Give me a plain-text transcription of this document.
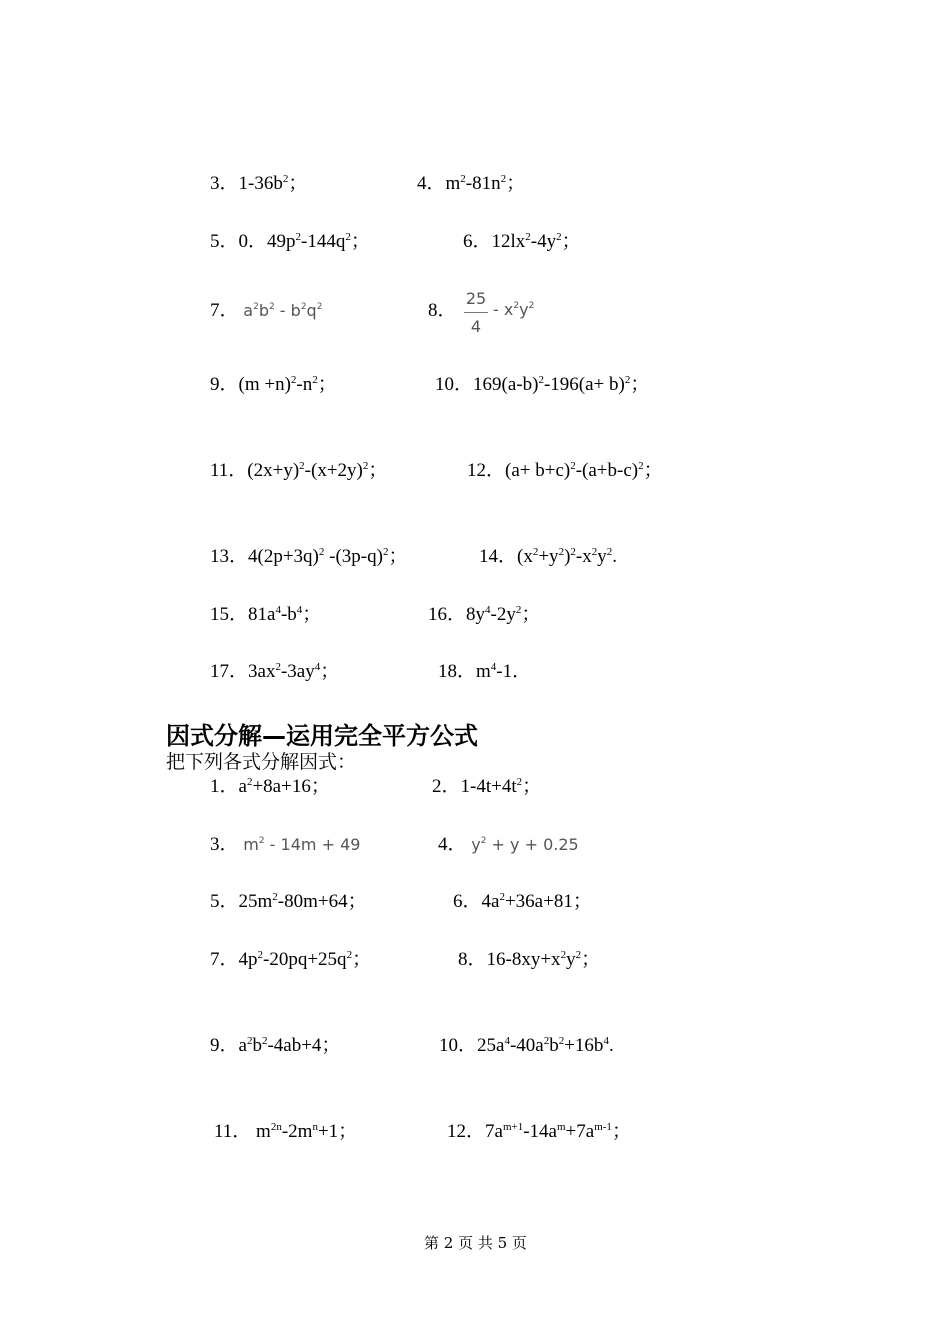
3．$1-36b^2$；	4．$m^2-81n^2$；
5．0．$49p^2-144q^2$；	6．$12lx^2-4y^2$；
7． $a^2b^2 - b^2q^2$	8． $\frac{25}{4} - x^2y^2$
9．$(m +n)^2-n^2$；	10．$169(a-b)^2-196(a+ b)^2$；
11．$(2x+y)^2-(x+2y)^2$；	12．$(a+ b+c)^2-(a+b-c)^2$；
13．$4(2p+3q)^2$ $-(3p-q)^2$；	14．$(x^2+y^2)^2-x^2y^2$.
15．$81a^4-b^4$；	16．$8y^4-2y^2$；
17．$3ax^2-3ay^4$；	18．$m^4-1$．
因式分解—运用完全平方公式
把下列各式分解因式：
1．$a^2+8a+16$；	2．$1-4t+4t^2$；
3． $m^2 - 14m + 49$	4． $y^2 + y + 0.25$
5．$25m^2-80m+64$；	6．$4a^2+36a+81$；
7．$4p^2-20pq+25q^2$；	8．$16-8xy+x^2y^2$；
9．$a^2b^2-4ab+4$；	10．$25a^4-40a^2b^2+16b^4$.
11． $m^{2n}-2m^n+1$；	12．$7a^{m+1}-14a^m+7a^{m-1}$；
第 2 页 共 5 页
